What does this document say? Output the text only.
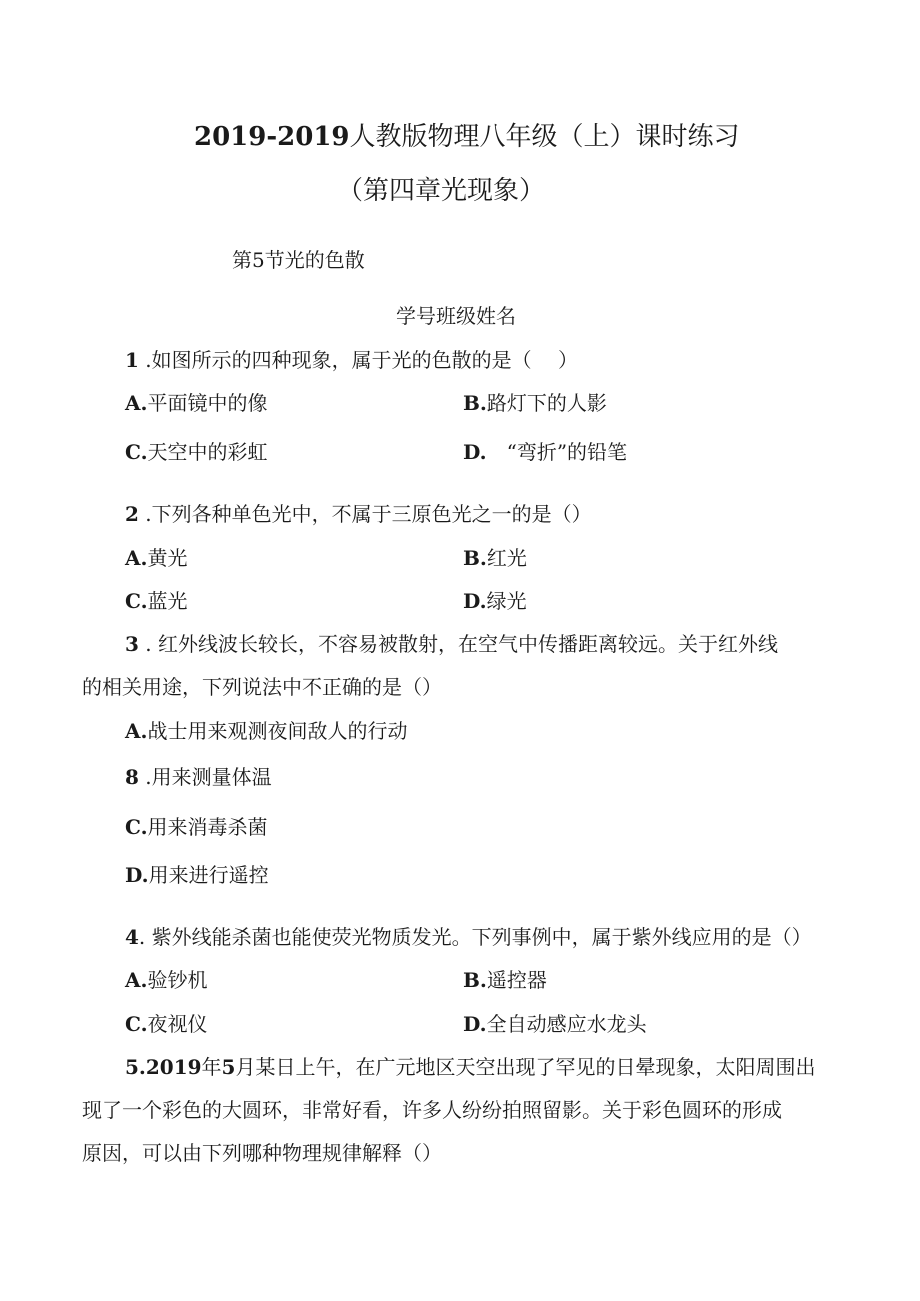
2019-2019人教版物理八年级（上）课时练习
（第四章光现象）
第5节光的色散
学号班级姓名
1 .如图所示的四种现象，属于光的色散的是（　 ）
A.平面镜中的像	B.路灯下的人影
C.天空中的彩虹	D.　“弯折”的铅笔
2 .下列各种单色光中，不属于三原色光之一的是（）
A.黄光	B.红光
C.蓝光	D.绿光
3 . 红外线波长较长，不容易被散射，在空气中传播距离较远。关于红外线
的相关用途，下列说法中不正确的是（）
A.战士用来观测夜间敌人的行动
8 .用来测量体温
C.用来消毒杀菌
D.用来进行遥控
4. 紫外线能杀菌也能使荧光物质发光。下列事例中，属于紫外线应用的是（）
A.验钞机	B.遥控器
C.夜视仪	D.全自动感应水龙头
5.2019年5月某日上午，在广元地区天空出现了罕见的日晕现象，太阳周围出
现了一个彩色的大圆环，非常好看，许多人纷纷拍照留影。关于彩色圆环的形成
原因，可以由下列哪种物理规律解释（）
